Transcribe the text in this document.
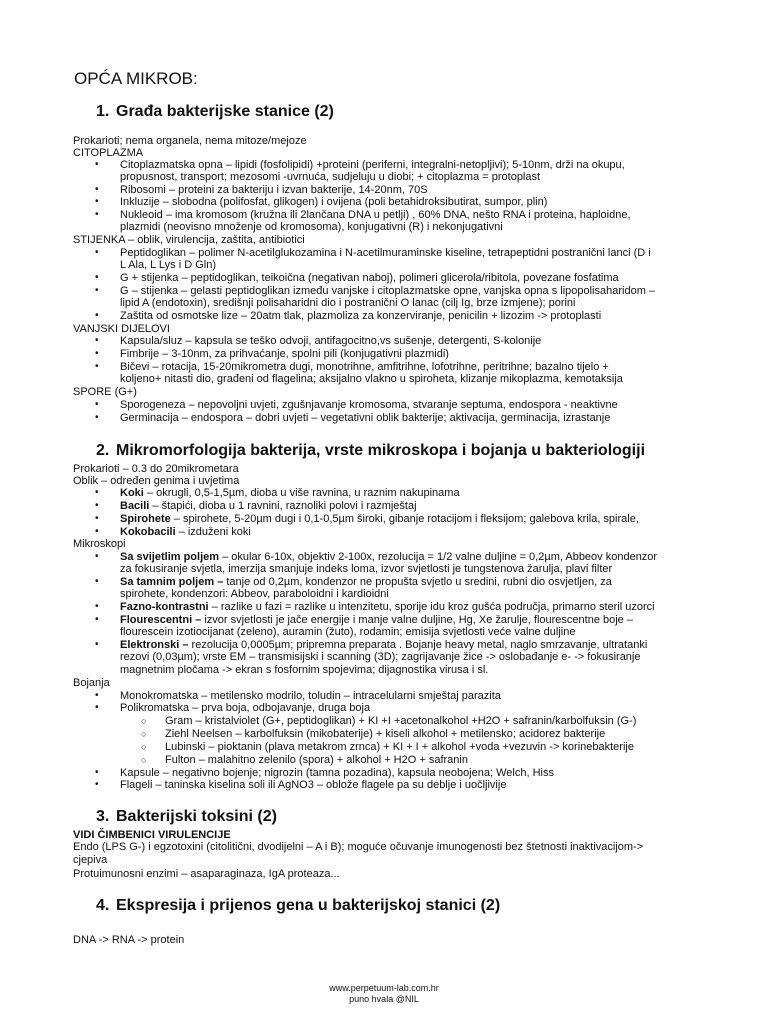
OPĆA MIKROB:
1. Građa bakterijske stanice (2)
Prokarioti; nema organela, nema mitoze/mejoze
CITOPLAZMA
• Citoplazmatska opna – lipidi (fosfolipidi) +proteini (periferni, integralni-netopljivi); 5-10nm, drži na okupu,
propusnost, transport; mezosomi -uvrnuća, sudjeluju u diobi; + citoplazma = protoplast
• Ribosomi – proteini za bakteriju i izvan bakterije, 14-20nm, 70S
• Inkluzije – slobodna (polifosfat, glikogen) i ovijena (poli betahidroksibutirat, sumpor, plin)
• Nukleoid – ima kromosom (kružna ili 2lančana DNA u petlji) , 60% DNA, nešto RNA i proteina, haploidne,
plazmidi (neovisno množenje od kromosoma), konjugativni (R) i nekonjugativni
STIJENKA – oblik, virulencija, zaštita, antibiotici
• Peptidoglikan – polimer N-acetilglukozamina i N-acetilmuraminske kiseline, tetrapeptidni postranični lanci (D i
L Ala, L Lys i D Gln)
• G + stijenka – peptidoglikan, teikoična (negativan naboj), polimeri glicerola/ribitola, povezane fosfatima
• G – stijenka – gelasti peptidoglikan između vanjske i citoplazmatske opne, vanjska opna s lipopolisaharidom –
lipid A (endotoxin), središnji polisaharidni dio i postranični O lanac (cilj Ig, brze izmjene); porini
• Zaštita od osmotske lize – 20atm tlak, plazmoliza za konzerviranje, penicilin + lizozim -> protoplasti
VANJSKI DIJELOVI
• Kapsula/sluz – kapsula se teško odvoji, antifagocitno,vs sušenje, detergenti, S-kolonije
• Fimbrije – 3-10nm, za prihvaćanje, spolni pili (konjugativni plazmidi)
• Bičevi – rotacija, 15-20mikrometra dugi, monotrihne, amfitrihne, lofotrihne, peritrihne; bazalno tijelo +
koljeno+ nitasti dio, građeni od flagelina; aksijalno vlakno u spiroheta, klizanje mikoplazma, kemotaksija
SPORE (G+)
• Sporogeneza – nepovoljni uvjeti, zgušnjavanje kromosoma, stvaranje septuma, endospora - neaktivne
• Germinacija – endospora – dobri uvjeti – vegetativni oblik bakterije; aktivacija, germinacija, izrastanje
2. Mikromorfologija bakterija, vrste mikroskopa i bojanja u bakteriologiji
Prokarioti – 0.3 do 20mikrometara
Oblik – određen genima i uvjetima
• Koki – okrugli, 0,5-1,5µm, dioba u više ravnina, u raznim nakupinama
• Bacili – štapići, dioba u 1 ravnini, raznoliki polovi i razmještaj
• Spirohete – spirohete, 5-20µm dugi i 0,1-0,5µm široki, gibanje rotacijom i fleksijom; galebova krila, spirale,
• Kokobacili – izduženi koki
Mikroskopi
• Sa svijetlim poljem – okular 6-10x, objektiv 2-100x, rezolucija = 1/2 valne duljine = 0,2µm, Abbeov kondenzor
za fokusiranje svjetla, imerzija smanjuje indeks loma, izvor svjetlosti je tungstenova žarulja, plavi filter
• Sa tamnim poljem – tanje od 0,2µm, kondenzor ne propušta svjetlo u sredini, rubni dio osvjetljen, za
spirohete, kondenzori: Abbeov, paraboloidni i kardioidni
• Fazno-kontrastni – razlike u fazi = razlike u intenzitetu, sporije idu kroz gušća područja, primarno steril uzorci
• Flourescentni – izvor svjetlosti je jače energije i manje valne duljine, Hg, Xe žarulje, flourescentne boje –
flourescein izotiocijanat (zeleno), auramin (žuto), rodamin; emisija svjetlosti veće valne duljine
• Elektronski – rezolucija 0,0005µm; pripremna preparata . Bojanje heavy metal, naglo smrzavanje, ultratanki
rezovi (0,03µm); vrste EM – transmisijski i scanning (3D); zagrijavanje žice -> oslobađanje e- -> fokusiranje
magnetnim pločama -> ekran s fosfornim spojevima; dijagnostika virusa i sl.
Bojanja
• Monokromatska – metilensko modrilo, toludin – intracelularni smještaj parazita
• Polikromatska – prva boja, odbojavanje, druga boja
○ Gram – kristalviolet (G+, peptidoglikan) + KI +I +acetonalkohol +H2O + safranin/karbolfuksin (G-)
○ Ziehl Neelsen – karbolfuksin (mikobaterije) + kiseli alkohol + metilensko; acidorez bakterije
○ Lubinski – pioktanin (plava metakrom zrnca) + KI + I + alkohol +voda +vezuvin -> korinebakterije
○ Fulton – malahitno zelenilo (spora) + alkohol + H2O + safranin
• Kapsule – negativno bojenje; nigrozin (tamna pozadina), kapsula neobojena; Welch, Hiss
• Flageli – taninska kiselina soli ili AgNO3 – oblože flagele pa su deblje i uočljivije
3. Bakterijski toksini (2)
VIDI ČIMBENICI VIRULENCIJE
Endo (LPS G-) i egzotoxini (citolitični, dvodijelni – A i B); moguće očuvanje imunogenosti bez štetnosti inaktivacijom->
cjepiva
Protuimunosni enzimi – asaparaginaza, IgA proteaza...
4. Ekspresija i prijenos gena u bakterijskoj stanici (2)
DNA -> RNA -> protein
www.perpetuum-lab.com.hr
puno hvala @NIL
